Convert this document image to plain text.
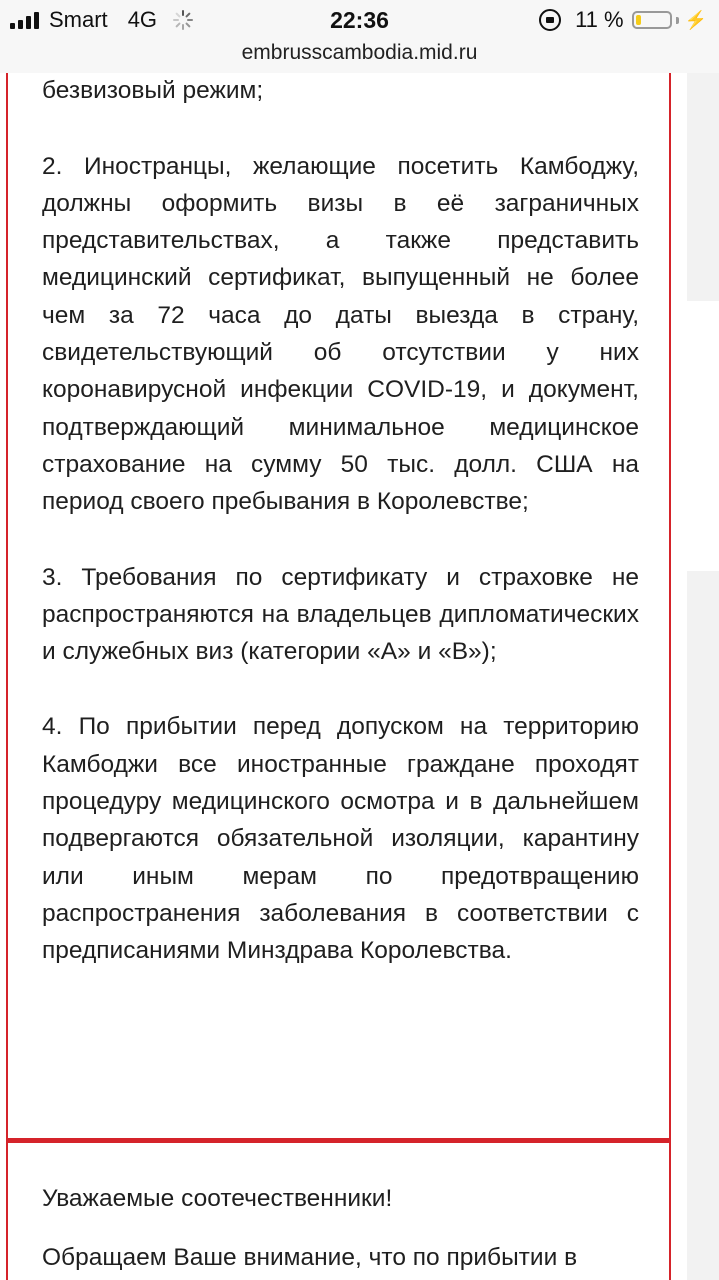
Smart 4G	22:36	11 %	⚡
embrusscambodia.mid.ru

безвизовый режим;

2. Иностранцы, желающие посетить Камбоджу, должны оформить визы в её заграничных представительствах, а также представить медицинский сертификат, выпущенный не более чем за 72 часа до даты выезда в страну, свидетельствующий об отсутствии у них коронавирусной инфекции COVID-19, и документ, подтверждающий минимальное медицинское страхование на сумму 50 тыс. долл. США на период своего пребывания в Королевстве;

3. Требования по сертификату и страховке не распространяются на владельцев дипломатических и служебных виз (категории «А» и «В»);

4. По прибытии перед допуском на территорию Камбоджи все иностранные граждане проходят процедуру медицинского осмотра и в дальнейшем подвергаются обязательной изоляции, карантину или иным мерам по предотвращению распространения заболевания в соответствии с предписаниями Минздрава Королевства.

Уважаемые соотечественники!

Обращаем Ваше внимание, что по прибытии в
